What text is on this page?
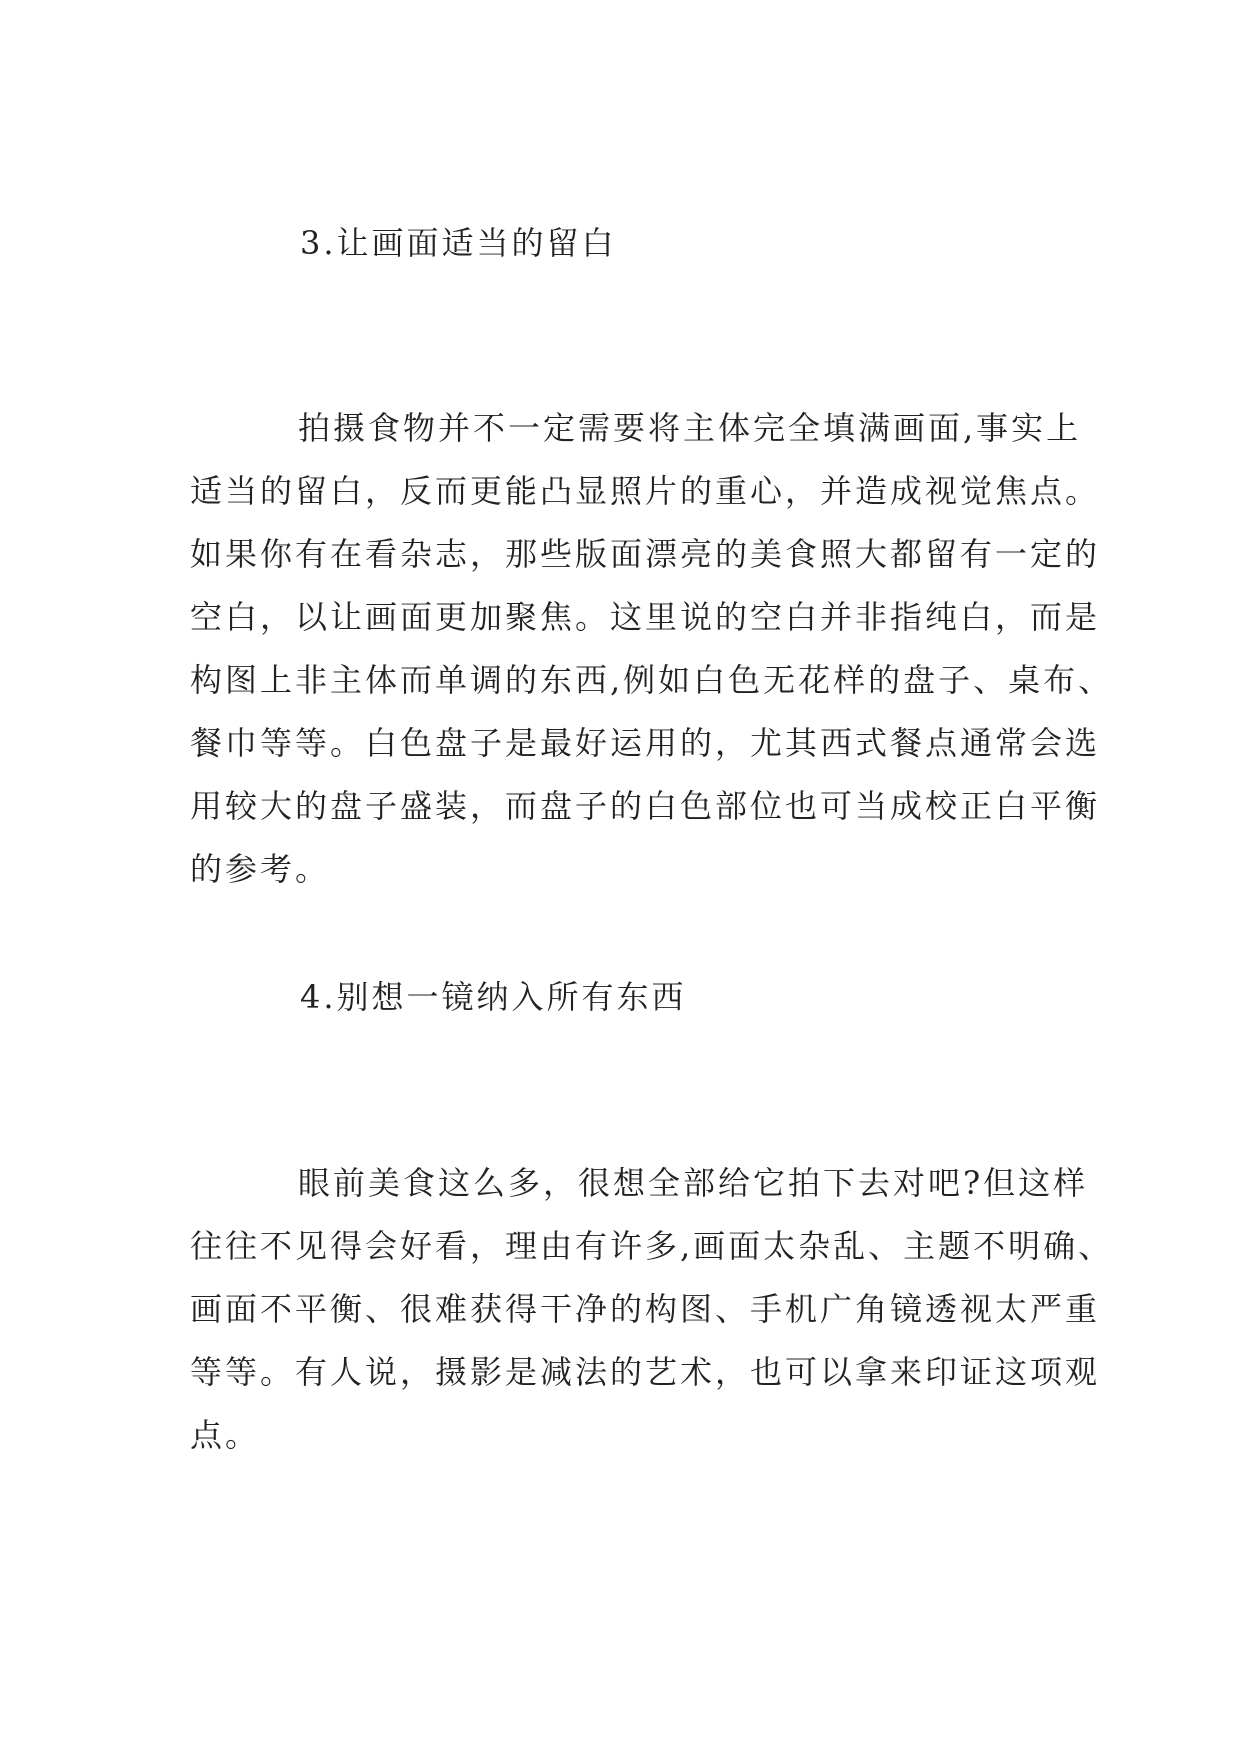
3.让画面适当的留白
拍摄食物并不一定需要将主体完全填满画面,事实上
适当的留白，反而更能凸显照片的重心，并造成视觉焦点。
如果你有在看杂志，那些版面漂亮的美食照大都留有一定的
空白，以让画面更加聚焦。这里说的空白并非指纯白，而是
构图上非主体而单调的东西,例如白色无花样的盘子、桌布、
餐巾等等。白色盘子是最好运用的，尤其西式餐点通常会选
用较大的盘子盛装，而盘子的白色部位也可当成校正白平衡
的参考。
4.别想一镜纳入所有东西
眼前美食这么多，很想全部给它拍下去对吧?但这样
往往不见得会好看，理由有许多,画面太杂乱、主题不明确、
画面不平衡、很难获得干净的构图、手机广角镜透视太严重
等等。有人说，摄影是减法的艺术，也可以拿来印证这项观
点。
